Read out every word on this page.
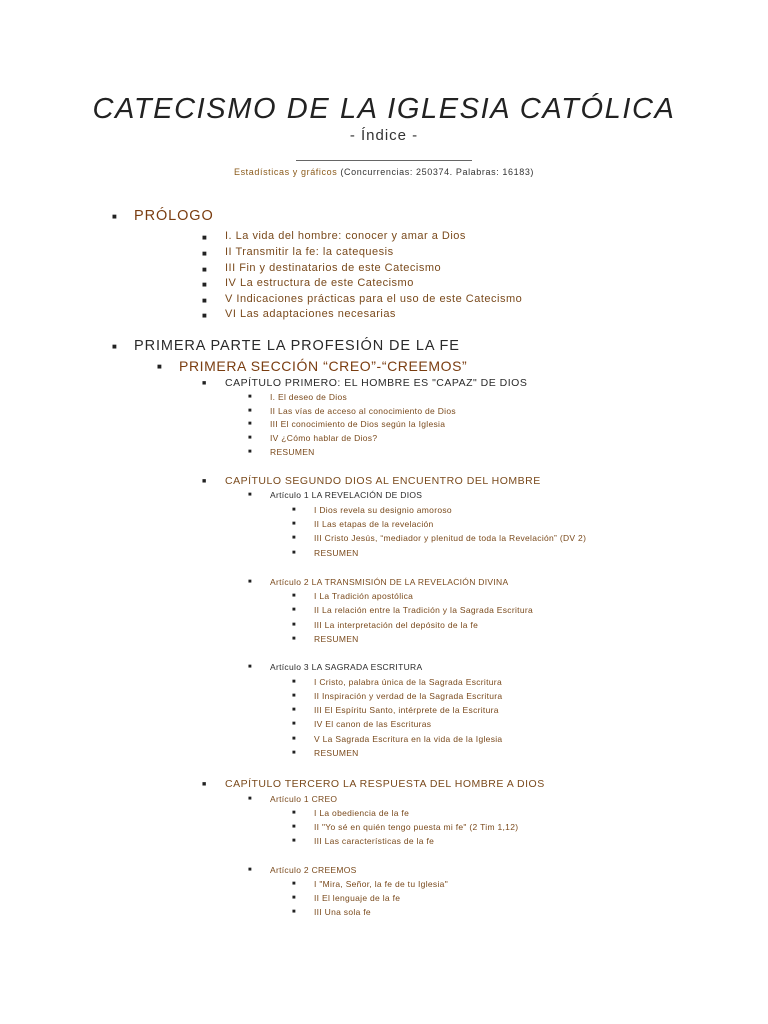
CATECISMO DE LA IGLESIA CATÓLICA
- Índice -
Estadísticas y gráficos (Concurrencias: 250374. Palabras: 16183)
■ PRÓLOGO
■ I. La vida del hombre: conocer y amar a Dios
■ II Transmitir la fe: la catequesis
■ III Fin y destinatarios de este Catecismo
■ IV La estructura de este Catecismo
■ V Indicaciones prácticas para el uso de este Catecismo
■ VI Las adaptaciones necesarias
■ PRIMERA PARTE LA PROFESIÓN DE LA FE
■ PRIMERA SECCIÓN “CREO”-“CREEMOS”
■ CAPÍTULO PRIMERO: EL HOMBRE ES "CAPAZ" DE DIOS
■ I. El deseo de Dios
■ II Las vías de acceso al conocimiento de Dios
■ III El conocimiento de Dios según la Iglesia
■ IV ¿Cómo hablar de Dios?
■ RESUMEN
■ CAPÍTULO SEGUNDO DIOS AL ENCUENTRO DEL HOMBRE
■ Artículo 1 LA REVELACIÓN DE DIOS
■ I Dios revela su designio amoroso
■ II Las etapas de la revelación
■ III Cristo Jesús, “mediador y plenitud de toda la Revelación” (DV 2)
■ RESUMEN
■ Artículo 2 LA TRANSMISIÓN DE LA REVELACIÓN DIVINA
■ I La Tradición apostólica
■ II La relación entre la Tradición y la Sagrada Escritura
■ III La interpretación del depósito de la fe
■ RESUMEN
■ Artículo 3 LA SAGRADA ESCRITURA
■ I Cristo, palabra única de la Sagrada Escritura
■ II Inspiración y verdad de la Sagrada Escritura
■ III El Espíritu Santo, intérprete de la Escritura
■ IV El canon de las Escrituras
■ V La Sagrada Escritura en la vida de la Iglesia
■ RESUMEN
■ CAPÍTULO TERCERO LA RESPUESTA DEL HOMBRE A DIOS
■ Artículo 1 CREO
■ I La obediencia de la fe
■ II "Yo sé en quién tengo puesta mi fe" (2 Tim 1,12)
■ III Las características de la fe
■ Artículo 2 CREEMOS
■ I "Mira, Señor, la fe de tu Iglesia"
■ II El lenguaje de la fe
■ III Una sola fe
